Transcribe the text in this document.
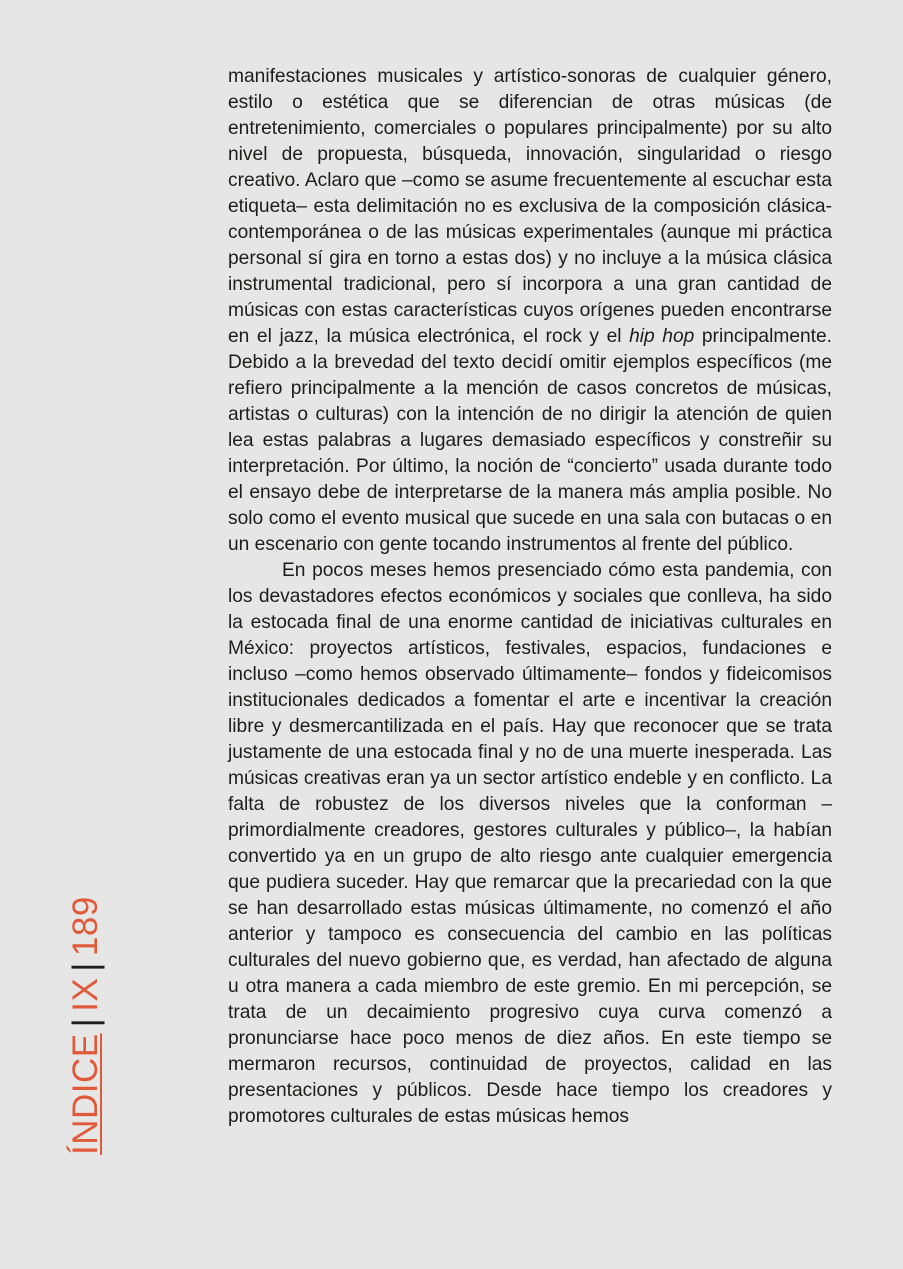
manifestaciones musicales y artístico-sonoras de cualquier género, estilo o estética que se diferencian de otras músicas (de entretenimiento, comerciales o populares principalmente) por su alto nivel de propuesta, búsqueda, innovación, singularidad o riesgo creativo. Aclaro que –como se asume frecuentemente al escuchar esta etiqueta– esta delimitación no es exclusiva de la composición clásica-contemporánea o de las músicas experimentales (aunque mi práctica personal sí gira en torno a estas dos) y no incluye a la música clásica instrumental tradicional, pero sí incorpora a una gran cantidad de músicas con estas características cuyos orígenes pueden encontrarse en el jazz, la música electrónica, el rock y el hip hop principalmente. Debido a la brevedad del texto decidí omitir ejemplos específicos (me refiero principalmente a la mención de casos concretos de músicas, artistas o culturas) con la intención de no dirigir la atención de quien lea estas palabras a lugares demasiado específicos y constreñir su interpretación. Por último, la noción de “concierto” usada durante todo el ensayo debe de interpretarse de la manera más amplia posible. No solo como el evento musical que sucede en una sala con butacas o en un escenario con gente tocando instrumentos al frente del público.

En pocos meses hemos presenciado cómo esta pandemia, con los devastadores efectos económicos y sociales que conlleva, ha sido la estocada final de una enorme cantidad de iniciativas culturales en México: proyectos artísticos, festivales, espacios, fundaciones e incluso –como hemos observado últimamente– fondos y fideicomisos institucionales dedicados a fomentar el arte e incentivar la creación libre y desmercantilizada en el país. Hay que reconocer que se trata justamente de una estocada final y no de una muerte inesperada. Las músicas creativas eran ya un sector artístico endeble y en conflicto. La falta de robustez de los diversos niveles que la conforman –primordialmente creadores, gestores culturales y público–, la habían convertido ya en un grupo de alto riesgo ante cualquier emergencia que pudiera suceder. Hay que remarcar que la precariedad con la que se han desarrollado estas músicas últimamente, no comenzó el año anterior y tampoco es consecuencia del cambio en las políticas culturales del nuevo gobierno que, es verdad, han afectado de alguna u otra manera a cada miembro de este gremio. En mi percepción, se trata de un decaimiento progresivo cuya curva comenzó a pronunciarse hace poco menos de diez años. En este tiempo se mermaron recursos, continuidad de proyectos, calidad en las presentaciones y públicos. Desde hace tiempo los creadores y promotores culturales de estas músicas hemos

ÍNDICE
|
IX
|
189
